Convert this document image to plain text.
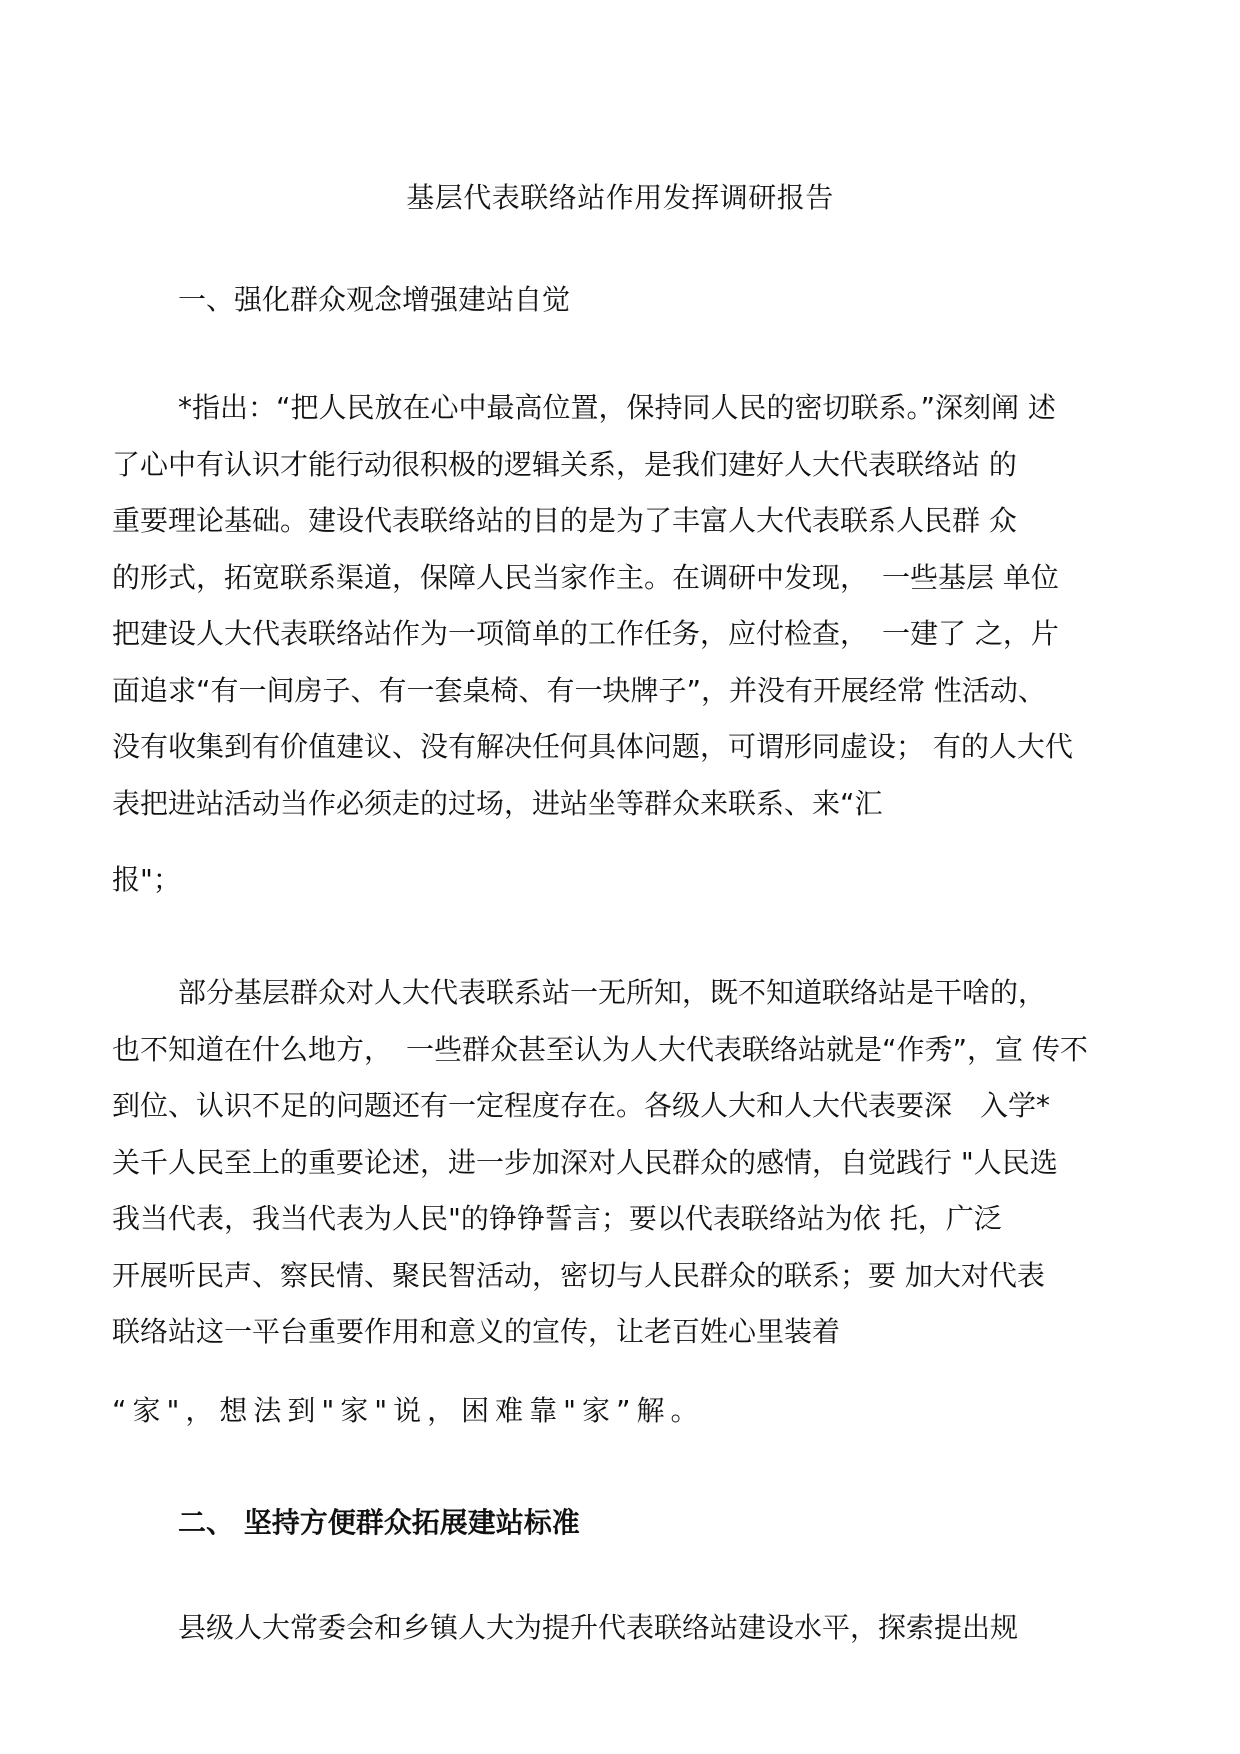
基层代表联络站作用发挥调研报告
一、强化群众观念增强建站自觉
*指出：“把人民放在心中最高位置，保持同人民的密切联系。”深刻阐 述
了心中有认识才能行动很积极的逻辑关系，是我们建好人大代表联络站 的
重要理论基础。建设代表联络站的目的是为了丰富人大代表联系人民群 众
的形式，拓宽联系渠道，保障人民当家作主。在调研中发现，　一些基层 单位
把建设人大代表联络站作为一项简单的工作任务，应付检查，　一建了 之，片
面追求“有一间房子、有一套桌椅、有一块牌子”，并没有开展经常 性活动、
没有收集到有价值建议、没有解决任何具体问题，可谓形同虚设； 有的人大代
表把进站活动当作必须走的过场，进站坐等群众来联系、来“汇
报"；
部分基层群众对人大代表联系站一无所知，既不知道联络站是干啥的，
也不知道在什么地方，　一些群众甚至认为人大代表联络站就是“作秀”，宣 传不
到位、认识不足的问题还有一定程度存在。各级人大和人大代表要深　入学*
关千人民至上的重要论述，进一步加深对人民群众的感情，自觉践行 "人民选
我当代表，我当代表为人民"的铮铮誓言；要以代表联络站为依 托，广泛
开展听民声、察民情、聚民智活动，密切与人民群众的联系；要 加大对代表
联络站这一平台重要作用和意义的宣传，让老百姓心里装着
“家"，想法到"家"说，困难靠"家”解。
二、 坚持方便群众拓展建站标准
县级人大常委会和乡镇人大为提升代表联络站建设水平，探索提出规
